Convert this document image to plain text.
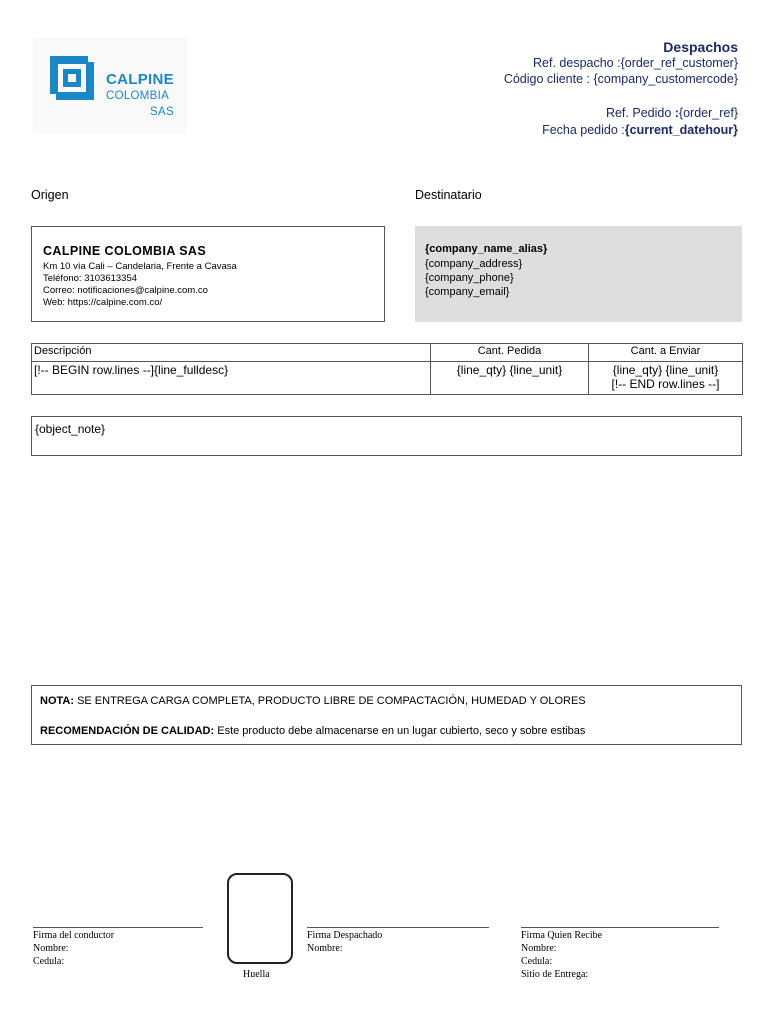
CALPINE
COLOMBIA
SAS
Despachos
Ref. despacho :{order_ref_customer}
Código cliente : {company_customercode}
Ref. Pedido :{order_ref}
Fecha pedido :{current_datehour}
Origen	Destinatario
CALPINE COLOMBIA SAS
Km 10 vía Cali – Candelaria, Frente a Cavasa
Teléfono: 3103613354
Correo: notificaciones@calpine.com.co
Web: https://calpine.com.co/
{company_name_alias}
{company_address}
{company_phone}
{company_email}
Descripción	Cant. Pedida	Cant. a Enviar
[!-- BEGIN row.lines --]{line_fulldesc}	{line_qty} {line_unit}	{line_qty} {line_unit}
[!-- END row.lines --]
{object_note}
NOTA: SE ENTREGA CARGA COMPLETA, PRODUCTO LIBRE DE COMPACTACIÓN, HUMEDAD Y OLORES
RECOMENDACIÓN DE CALIDAD: Este producto debe almacenarse en un lugar cubierto, seco y sobre estibas
Firma del conductor
Nombre:
Cedula:
Huella
Firma Despachado
Nombre:
Firma Quien Recibe
Nombre:
Cedula:
Sitio de Entrega:
